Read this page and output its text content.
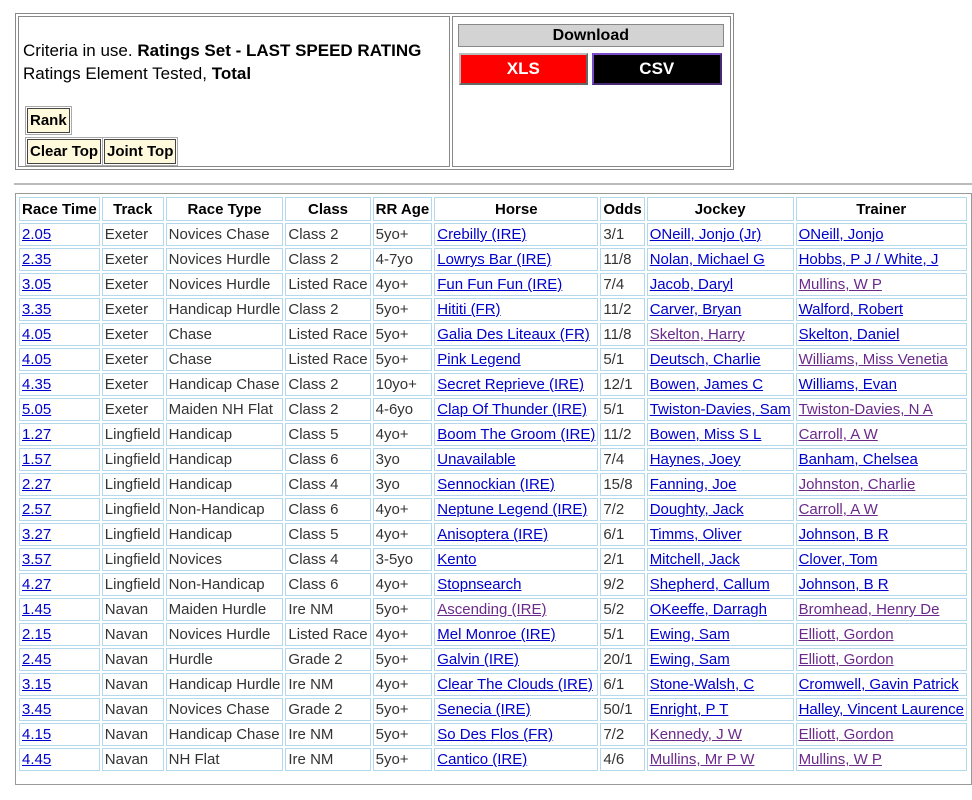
Criteria in use. Ratings Set - LAST SPEED RATING
Ratings Element Tested, Total
Rank
Clear Top Joint Top
Download
XLS	CSV
Race Time	Track	Race Type	Class	RR Age	Horse	Odds	Jockey	Trainer
2.05	Exeter	Novices Chase	Class 2	5yo+	Crebilly (IRE)	3/1	ONeill, Jonjo (Jr)	ONeill, Jonjo
2.35	Exeter	Novices Hurdle	Class 2	4-7yo	Lowrys Bar (IRE)	11/8	Nolan, Michael G	Hobbs, P J / White, J
3.05	Exeter	Novices Hurdle	Listed Race	4yo+	Fun Fun Fun (IRE)	7/4	Jacob, Daryl	Mullins, W P
3.35	Exeter	Handicap Hurdle	Class 2	5yo+	Hititi (FR)	11/2	Carver, Bryan	Walford, Robert
4.05	Exeter	Chase	Listed Race	5yo+	Galia Des Liteaux (FR)	11/8	Skelton, Harry	Skelton, Daniel
4.05	Exeter	Chase	Listed Race	5yo+	Pink Legend	5/1	Deutsch, Charlie	Williams, Miss Venetia
4.35	Exeter	Handicap Chase	Class 2	10yo+	Secret Reprieve (IRE)	12/1	Bowen, James C	Williams, Evan
5.05	Exeter	Maiden NH Flat	Class 2	4-6yo	Clap Of Thunder (IRE)	5/1	Twiston-Davies, Sam	Twiston-Davies, N A
1.27	Lingfield	Handicap	Class 5	4yo+	Boom The Groom (IRE)	11/2	Bowen, Miss S L	Carroll, A W
1.57	Lingfield	Handicap	Class 6	3yo	Unavailable	7/4	Haynes, Joey	Banham, Chelsea
2.27	Lingfield	Handicap	Class 4	3yo	Sennockian (IRE)	15/8	Fanning, Joe	Johnston, Charlie
2.57	Lingfield	Non-Handicap	Class 6	4yo+	Neptune Legend (IRE)	7/2	Doughty, Jack	Carroll, A W
3.27	Lingfield	Handicap	Class 5	4yo+	Anisoptera (IRE)	6/1	Timms, Oliver	Johnson, B R
3.57	Lingfield	Novices	Class 4	3-5yo	Kento	2/1	Mitchell, Jack	Clover, Tom
4.27	Lingfield	Non-Handicap	Class 6	4yo+	Stopnsearch	9/2	Shepherd, Callum	Johnson, B R
1.45	Navan	Maiden Hurdle	Ire NM	5yo+	Ascending (IRE)	5/2	OKeeffe, Darragh	Bromhead, Henry De
2.15	Navan	Novices Hurdle	Listed Race	4yo+	Mel Monroe (IRE)	5/1	Ewing, Sam	Elliott, Gordon
2.45	Navan	Hurdle	Grade 2	5yo+	Galvin (IRE)	20/1	Ewing, Sam	Elliott, Gordon
3.15	Navan	Handicap Hurdle	Ire NM	4yo+	Clear The Clouds (IRE)	6/1	Stone-Walsh, C	Cromwell, Gavin Patrick
3.45	Navan	Novices Chase	Grade 2	5yo+	Senecia (IRE)	50/1	Enright, P T	Halley, Vincent Laurence
4.15	Navan	Handicap Chase	Ire NM	5yo+	So Des Flos (FR)	7/2	Kennedy, J W	Elliott, Gordon
4.45	Navan	NH Flat	Ire NM	5yo+	Cantico (IRE)	4/6	Mullins, Mr P W	Mullins, W P
